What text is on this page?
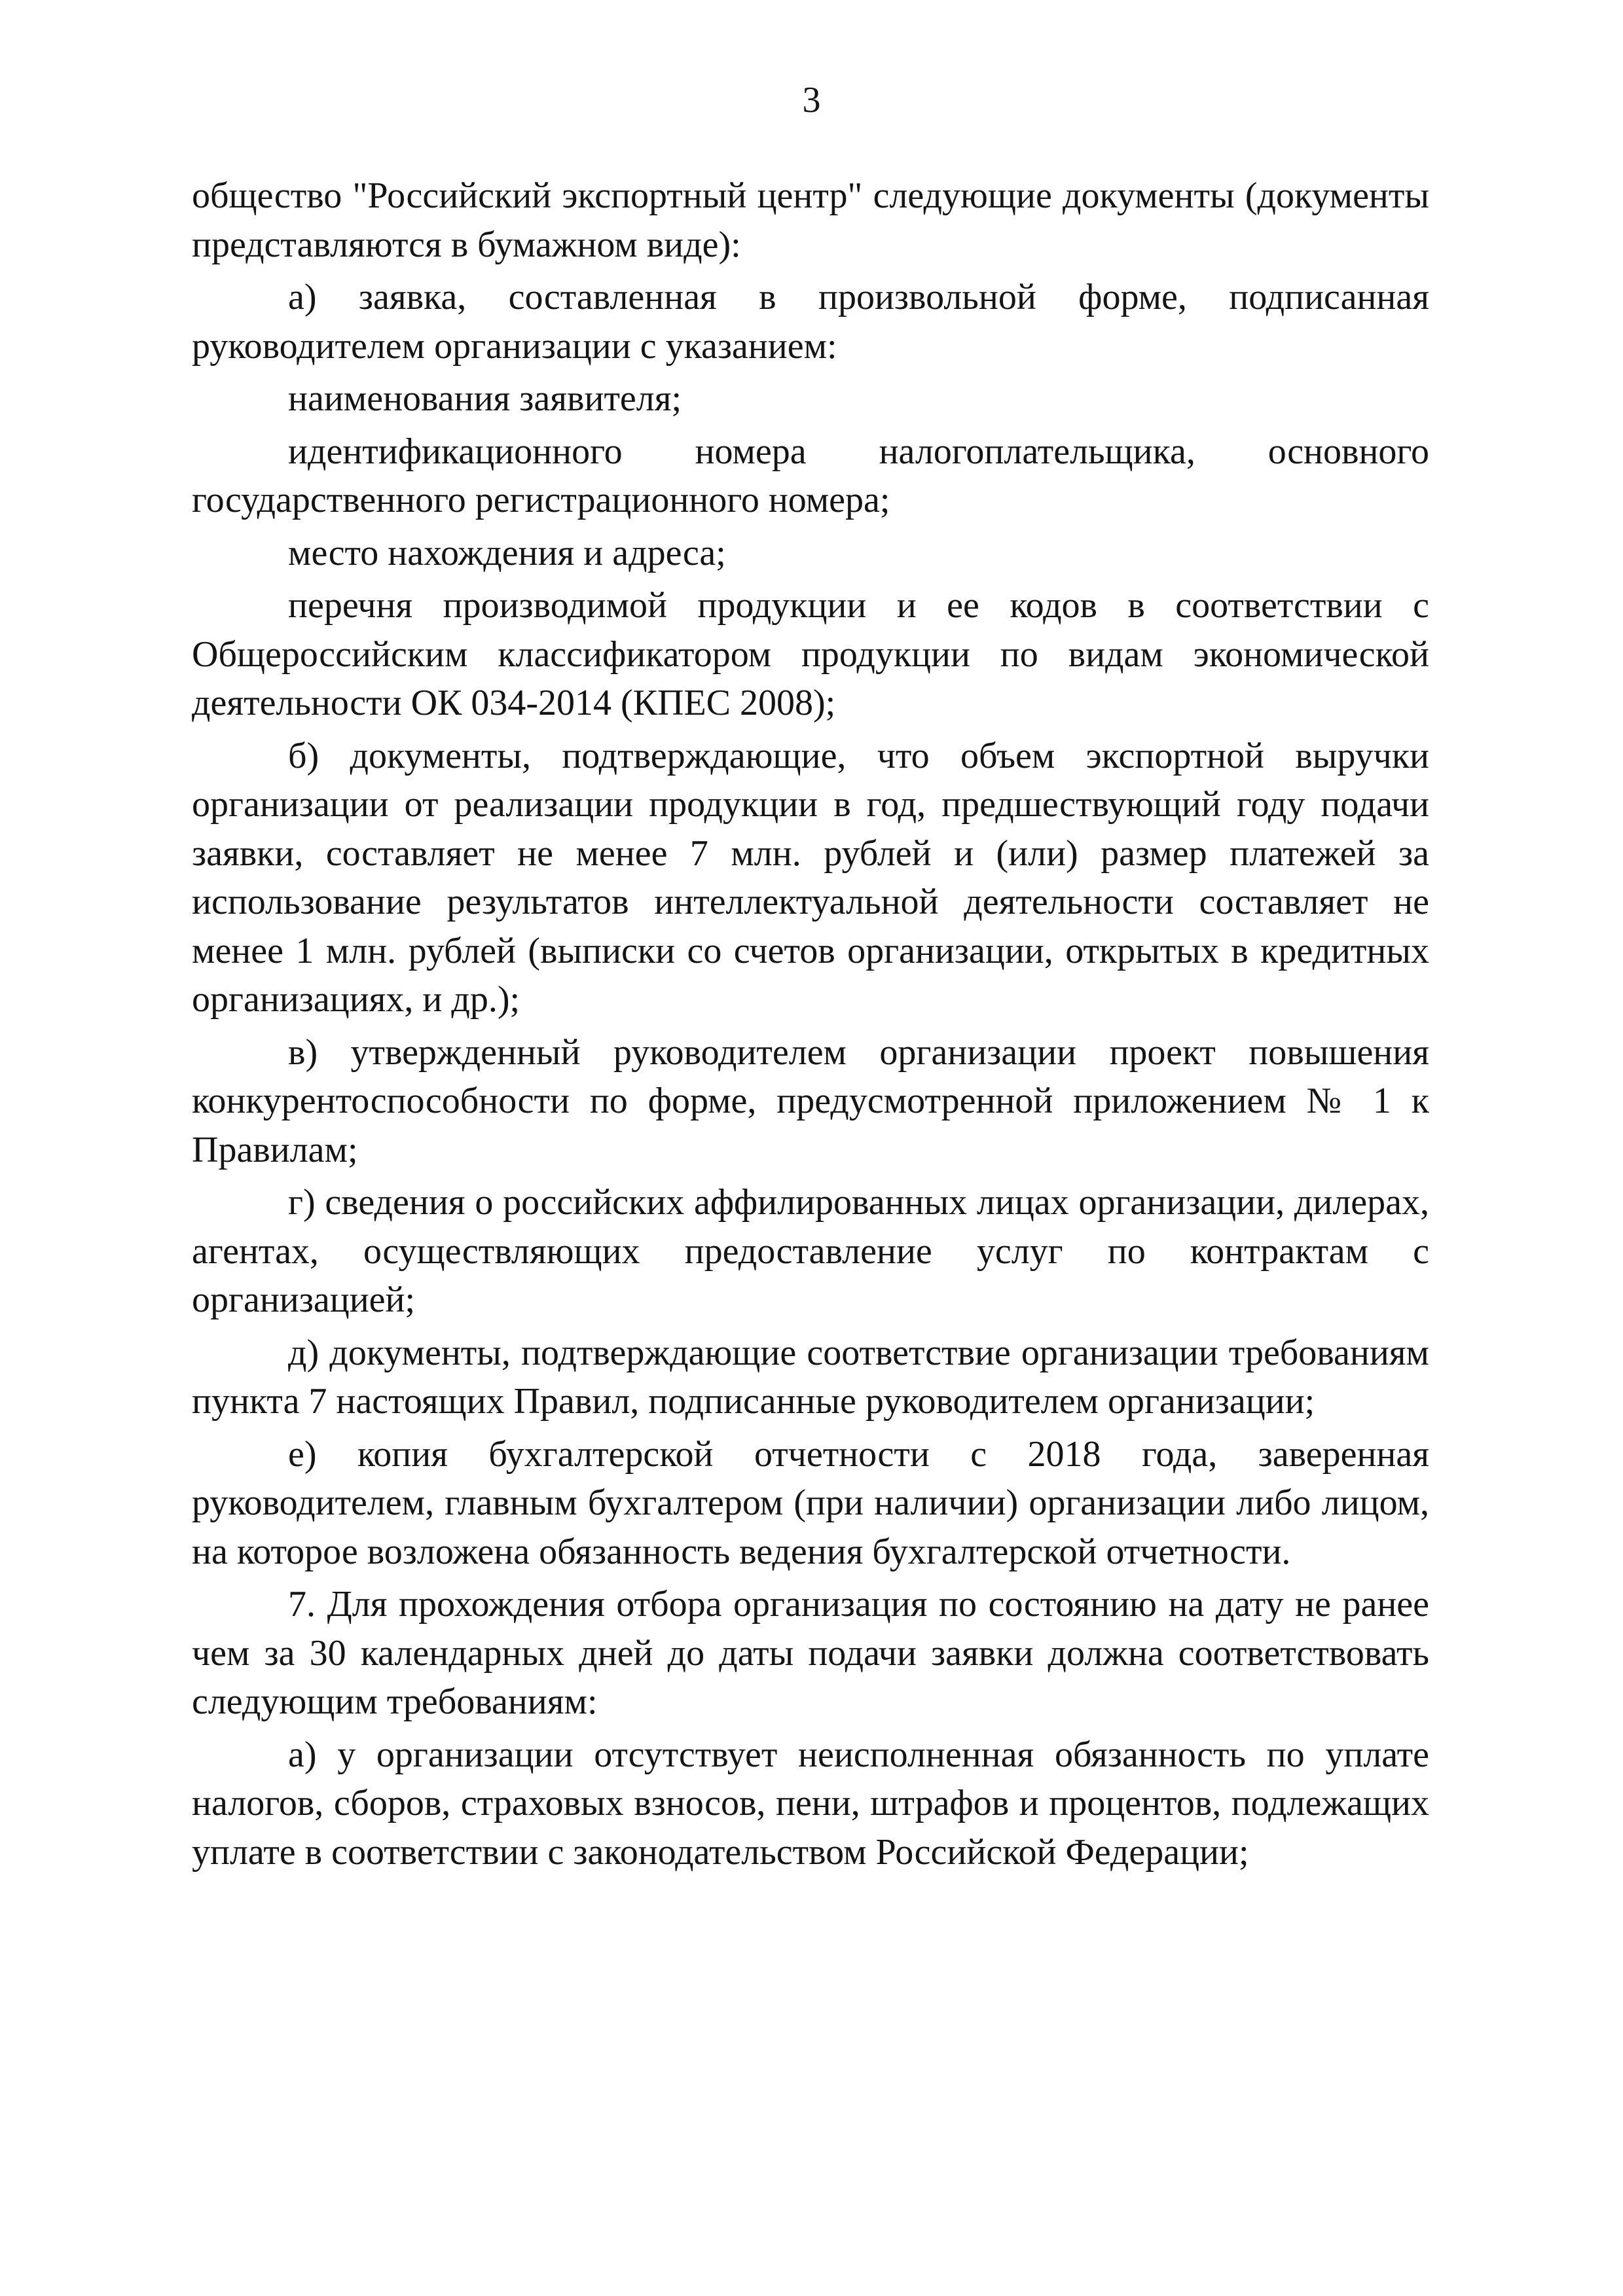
3

общество "Российский экспортный центр" следующие документы (документы представляются в бумажном виде):

а) заявка, составленная в произвольной форме, подписанная руководителем организации с указанием:

наименования заявителя;

идентификационного номера налогоплательщика, основного государственного регистрационного номера;

место нахождения и адреса;

перечня производимой продукции и ее кодов в соответствии с Общероссийским классификатором продукции по видам экономической деятельности ОК 034-2014 (КПЕС 2008);

б) документы, подтверждающие, что объем экспортной выручки организации от реализации продукции в год, предшествующий году подачи заявки, составляет не менее 7 млн. рублей и (или) размер платежей за использование результатов интеллектуальной деятельности составляет не менее 1 млн. рублей (выписки со счетов организации, открытых в кредитных организациях, и др.);

в) утвержденный руководителем организации проект повышения конкурентоспособности по форме, предусмотренной приложением № 1 к Правилам;

г) сведения о российских аффилированных лицах организации, дилерах, агентах, осуществляющих предоставление услуг по контрактам с организацией;

д) документы, подтверждающие соответствие организации требованиям пункта 7 настоящих Правил, подписанные руководителем организации;

е) копия бухгалтерской отчетности с 2018 года, заверенная руководителем, главным бухгалтером (при наличии) организации либо лицом, на которое возложена обязанность ведения бухгалтерской отчетности.

7. Для прохождения отбора организация по состоянию на дату не ранее чем за 30 календарных дней до даты подачи заявки должна соответствовать следующим требованиям:

а) у организации отсутствует неисполненная обязанность по уплате налогов, сборов, страховых взносов, пени, штрафов и процентов, подлежащих уплате в соответствии с законодательством Российской Федерации;
